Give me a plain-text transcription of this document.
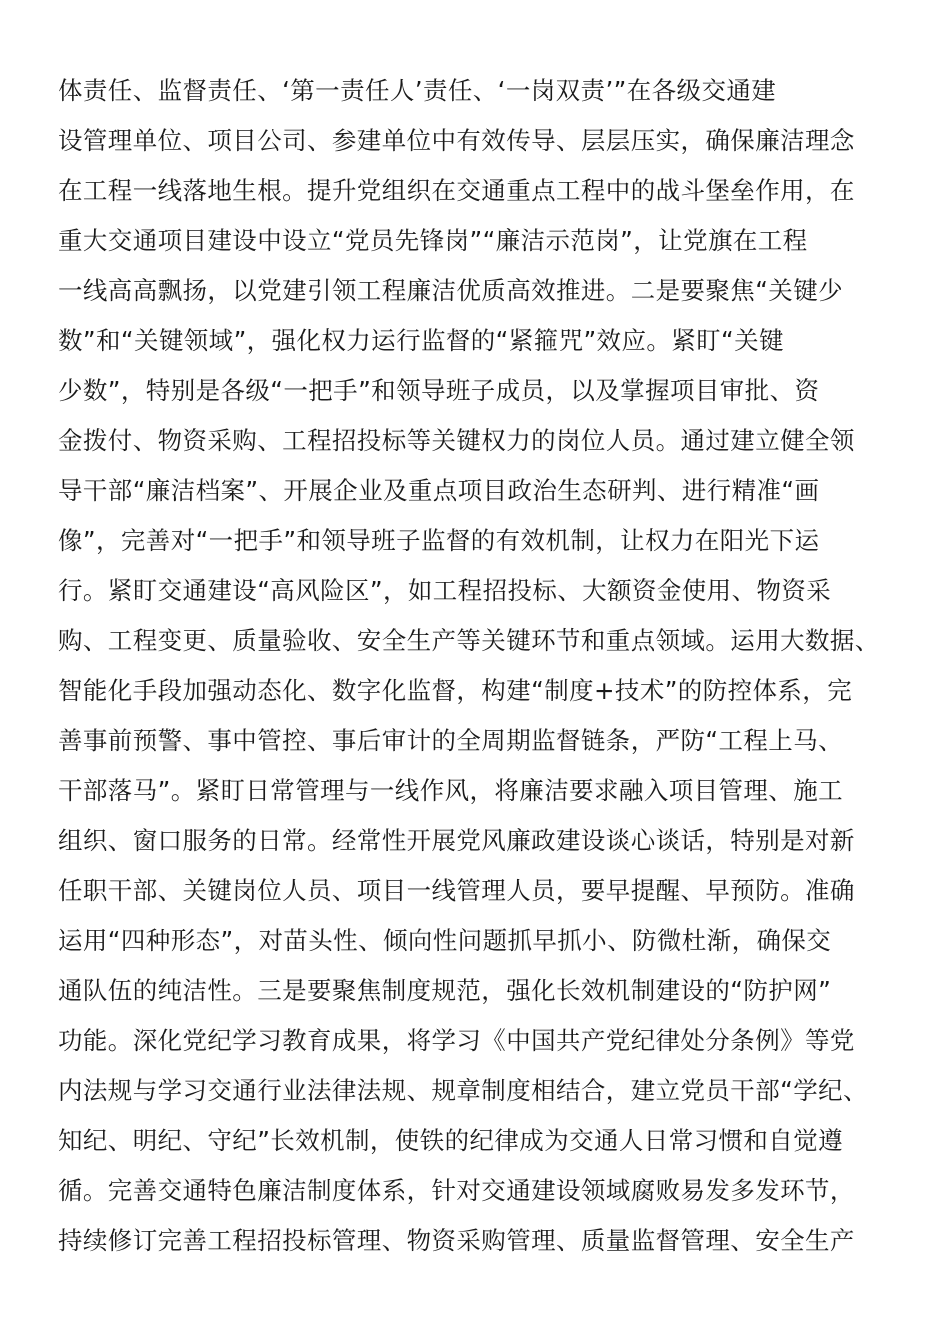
体责任、监督责任、‘第一责任人’责任、‘一岗双责’”在各级交通建
设管理单位、项目公司、参建单位中有效传导、层层压实，确保廉洁理念
在工程一线落地生根。提升党组织在交通重点工程中的战斗堡垒作用，在
重大交通项目建设中设立“党员先锋岗”“廉洁示范岗”，让党旗在工程
一线高高飘扬，以党建引领工程廉洁优质高效推进。二是要聚焦“关键少
数”和“关键领域”，强化权力运行监督的“紧箍咒”效应。紧盯“关键
少数”，特别是各级“一把手”和领导班子成员，以及掌握项目审批、资
金拨付、物资采购、工程招投标等关键权力的岗位人员。通过建立健全领
导干部“廉洁档案”、开展企业及重点项目政治生态研判、进行精准“画
像”，完善对“一把手”和领导班子监督的有效机制，让权力在阳光下运
行。紧盯交通建设“高风险区”，如工程招投标、大额资金使用、物资采
购、工程变更、质量验收、安全生产等关键环节和重点领域。运用大数据、
智能化手段加强动态化、数字化监督，构建“制度+技术”的防控体系，完
善事前预警、事中管控、事后审计的全周期监督链条，严防“工程上马、
干部落马”。紧盯日常管理与一线作风，将廉洁要求融入项目管理、施工
组织、窗口服务的日常。经常性开展党风廉政建设谈心谈话，特别是对新
任职干部、关键岗位人员、项目一线管理人员，要早提醒、早预防。准确
运用“四种形态”，对苗头性、倾向性问题抓早抓小、防微杜渐，确保交
通队伍的纯洁性。三是要聚焦制度规范，强化长效机制建设的“防护网”
功能。深化党纪学习教育成果，将学习《中国共产党纪律处分条例》等党
内法规与学习交通行业法律法规、规章制度相结合，建立党员干部“学纪、
知纪、明纪、守纪”长效机制，使铁的纪律成为交通人日常习惯和自觉遵
循。完善交通特色廉洁制度体系，针对交通建设领域腐败易发多发环节，
持续修订完善工程招投标管理、物资采购管理、质量监督管理、安全生产
